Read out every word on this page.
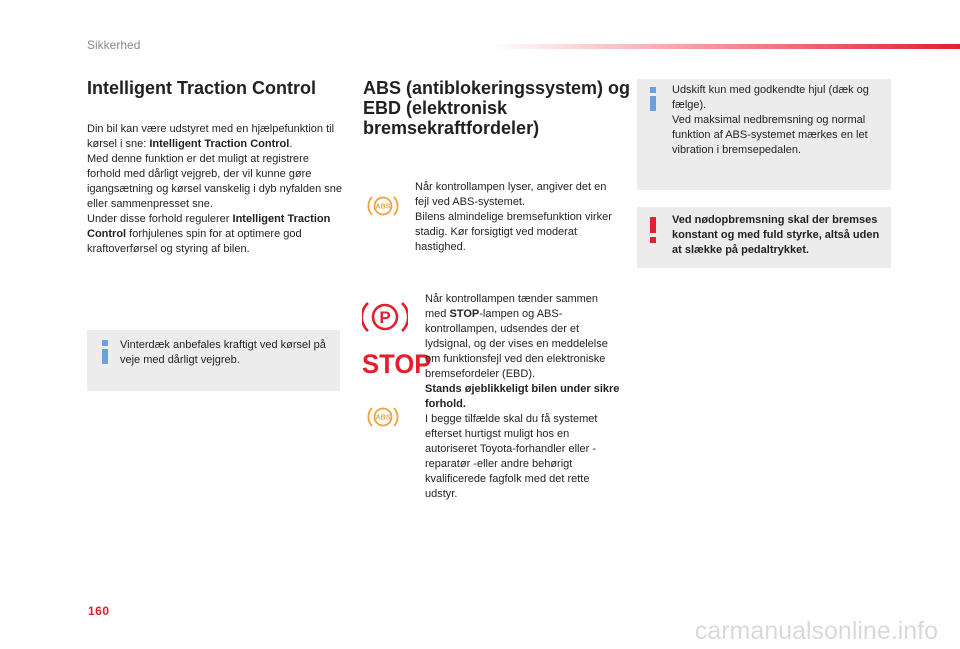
Sikkerhed
Intelligent Traction Control
Din bil kan være udstyret med en hjælpefunktion til kørsel i sne: Intelligent Traction Control.
Med denne funktion er det muligt at registrere forhold med dårligt vejgreb, der vil kunne gøre igangsætning og kørsel vanskelig i dyb nyfalden sne eller sammenpresset sne.
Under disse forhold regulerer Intelligent Traction Control forhjulenes spin for at optimere god kraftoverførsel og styring af bilen.
Vinterdæk anbefales kraftigt ved kørsel på veje med dårligt vejgreb.
ABS (antiblokeringssystem) og EBD (elektronisk bremsekraftfordeler)
ABS
Når kontrollampen lyser, angiver det en fejl ved ABS-systemet.
Bilens almindelige bremsefunktion virker stadig. Kør forsigtigt ved moderat hastighed.
P
STOP
ABS
Når kontrollampen tænder sammen med STOP-lampen og ABS-kontrollampen, udsendes der et lydsignal, og der vises en meddelelse om funktionsfejl ved den elektroniske bremsefordeler (EBD).
Stands øjeblikkeligt bilen under sikre forhold.
I begge tilfælde skal du få systemet efterset hurtigst muligt hos en autoriseret Toyota-forhandler eller -reparatør -eller andre behørigt kvalificerede fagfolk med det rette udstyr.
Udskift kun med godkendte hjul (dæk og fælge).
Ved maksimal nedbremsning og normal funktion af ABS-systemet mærkes en let vibration i bremsepedalen.
Ved nødopbremsning skal der bremses konstant og med fuld styrke, altså uden at slække på pedaltrykket.
160
carmanualsonline.info
